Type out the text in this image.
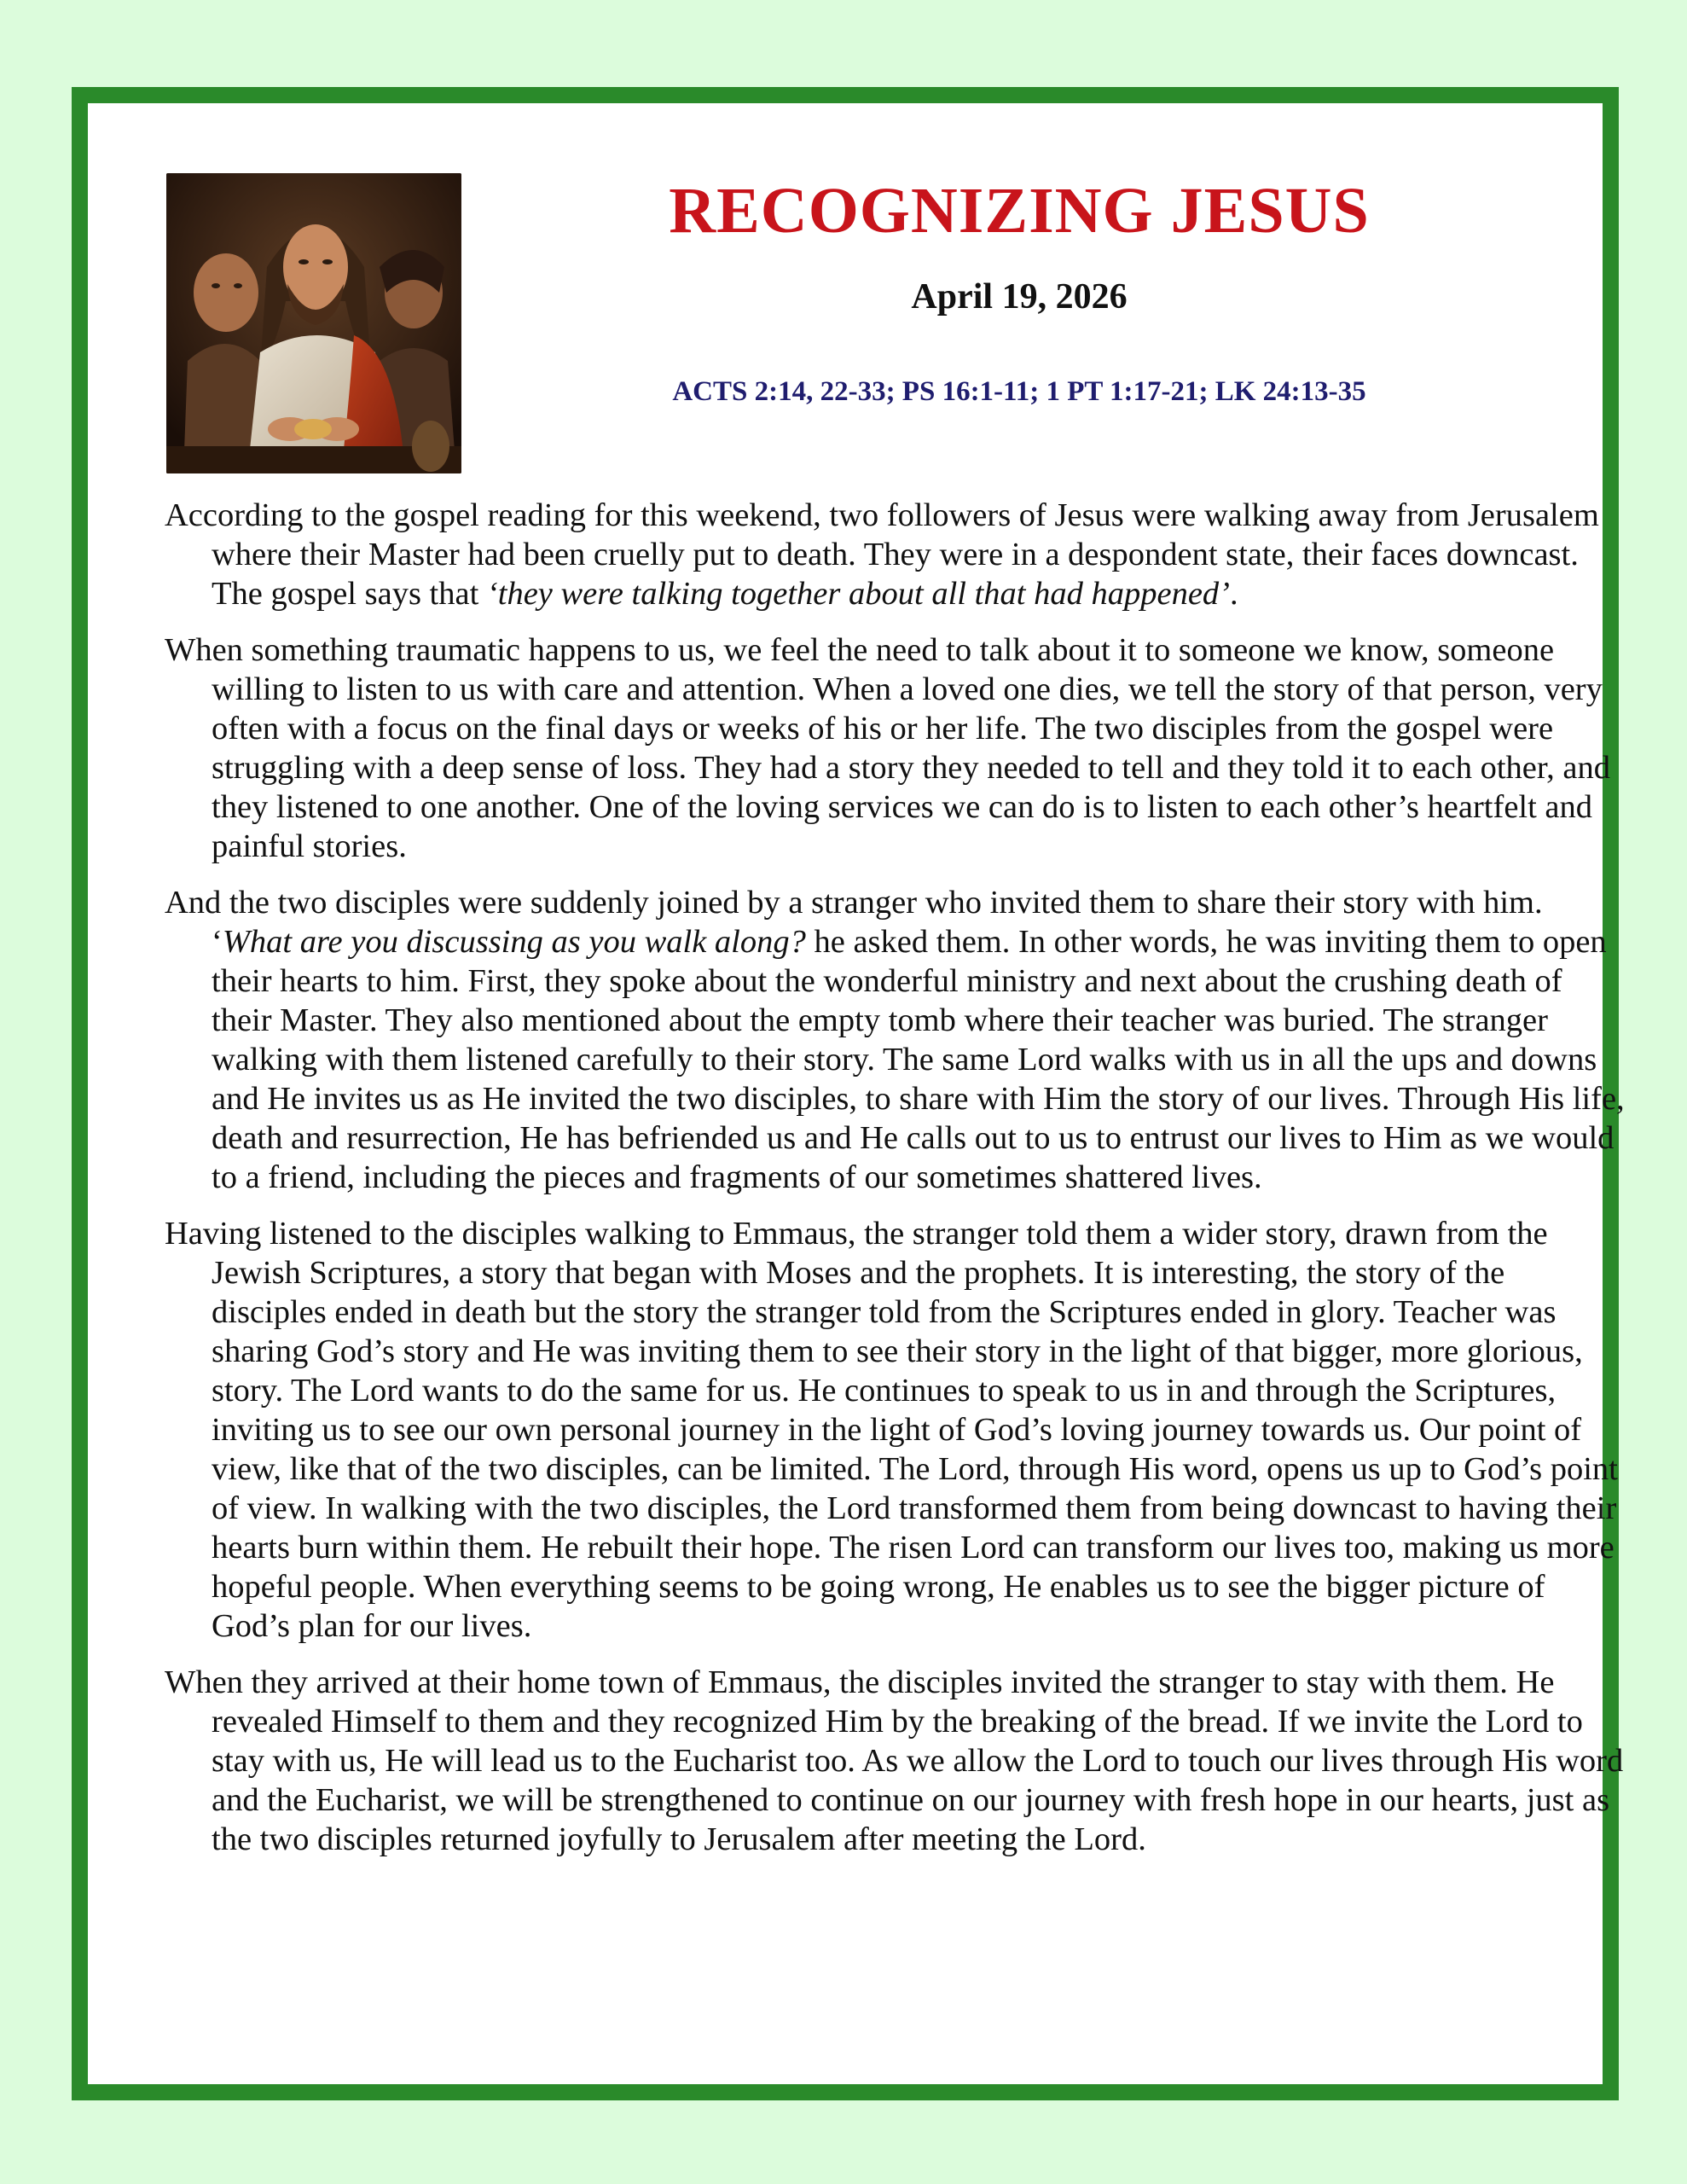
RECOGNIZING JESUS
April 19, 2026
ACTS 2:14, 22-33; PS 16:1-11; 1 PT 1:17-21; LK 24:13-35

According to the gospel reading for this weekend, two followers of Jesus were walking away from Jerusalem where their Master had been cruelly put to death. They were in a despondent state, their faces downcast. The gospel says that ‘they were talking together about all that had happened’.

When something traumatic happens to us, we feel the need to talk about it to someone we know, someone willing to listen to us with care and attention. When a loved one dies, we tell the story of that person, very often with a focus on the final days or weeks of his or her life. The two disciples from the gospel were struggling with a deep sense of loss. They had a story they needed to tell and they told it to each other, and they listened to one another. One of the loving services we can do is to listen to each other’s heartfelt and painful stories.

And the two disciples were suddenly joined by a stranger who invited them to share their story with him. ‘What are you discussing as you walk along? he asked them. In other words, he was inviting them to open their hearts to him. First, they spoke about the wonderful ministry and next about the crushing death of their Master. They also mentioned about the empty tomb where their teacher was buried. The stranger walking with them listened carefully to their story. The same Lord walks with us in all the ups and downs and He invites us as He invited the two disciples, to share with Him the story of our lives. Through His life, death and resurrection, He has befriended us and He calls out to us to entrust our lives to Him as we would to a friend, including the pieces and fragments of our sometimes shattered lives.

Having listened to the disciples walking to Emmaus, the stranger told them a wider story, drawn from the Jewish Scriptures, a story that began with Moses and the prophets. It is interesting, the story of the disciples ended in death but the story the stranger told from the Scriptures ended in glory. Teacher was sharing God’s story and He was inviting them to see their story in the light of that bigger, more glorious, story. The Lord wants to do the same for us. He continues to speak to us in and through the Scriptures, inviting us to see our own personal journey in the light of God’s loving journey towards us. Our point of view, like that of the two disciples, can be limited. The Lord, through His word, opens us up to God’s point of view. In walking with the two disciples, the Lord transformed them from being downcast to having their hearts burn within them. He rebuilt their hope. The risen Lord can transform our lives too, making us more hopeful people. When everything seems to be going wrong, He enables us to see the bigger picture of God’s plan for our lives.

When they arrived at their home town of Emmaus, the disciples invited the stranger to stay with them. He revealed Himself to them and they recognized Him by the breaking of the bread. If we invite the Lord to stay with us, He will lead us to the Eucharist too. As we allow the Lord to touch our lives through His word and the Eucharist, we will be strengthened to continue on our journey with fresh hope in our hearts, just as the two disciples returned joyfully to Jerusalem after meeting the Lord.
